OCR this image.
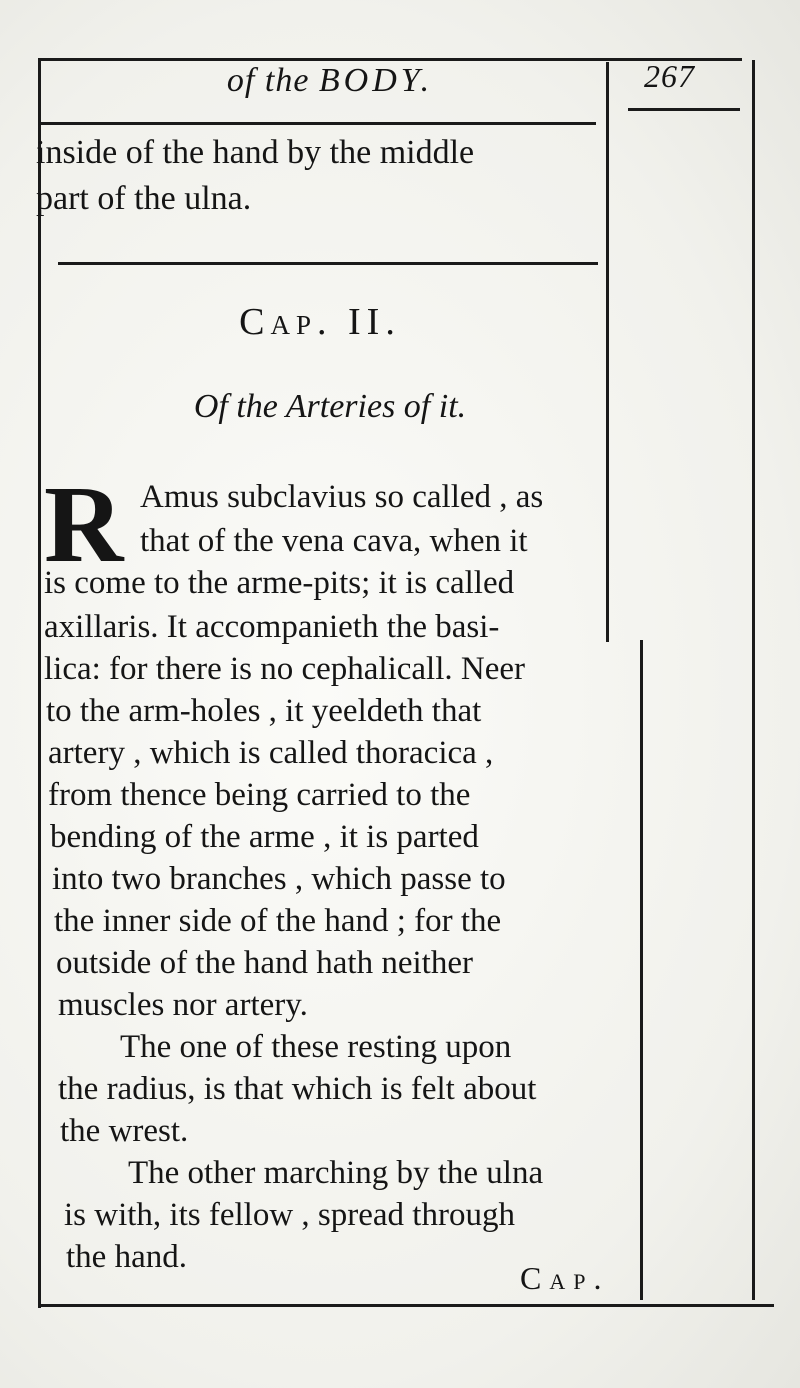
of the BODY.	267
inside of the hand by the middle
part of the ulna.
Cap. II.
Of the Arteries of it.
R Amus subclavius so called , as
that of the vena cava, when it
is come to the arme-pits; it is called
axillaris. It accompanieth the basi-
lica: for there is no cephalicall. Neer
to the arm-holes , it yeeldeth that
artery , which is called thoracica ,
from thence being carried to the
bending of the arme , it is parted
into two branches , which passe to
the inner side of the hand ; for the
outside of the hand hath neither
muscles nor artery.
The one of these resting upon
the radius, is that which is felt about
the wrest.
The other marching by the ulna
is with, its fellow , spread through
the hand.
Cap.
